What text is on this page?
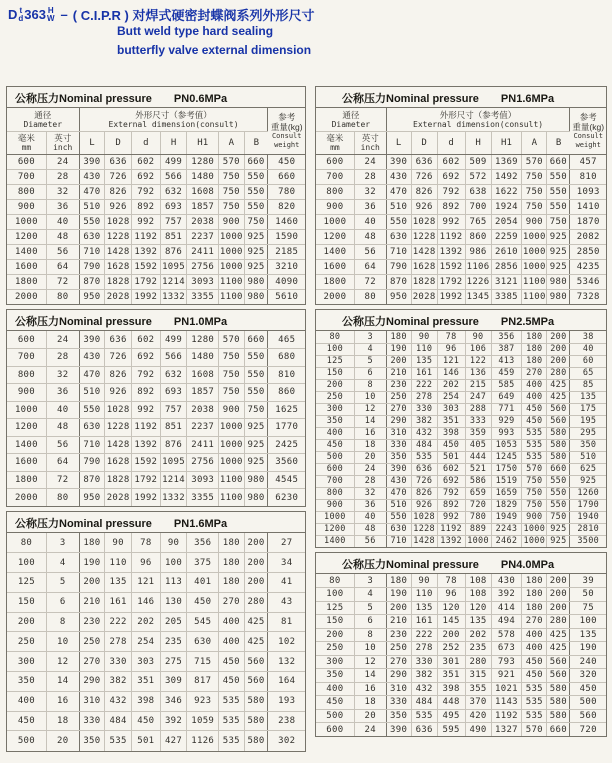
D t
d 363 H
W – ( C.I.P.R ) 对焊式硬密封蝶阀系列外形尺寸
Butt weld type hard sealing
butterfly valve external dimension
公称压力Nominal pressure PN0.6MPa
通径
Diameter		外形尺寸（参考值）
External dimension(consult)							参考
重量(kg)
Consult
weight

毫米
mm	英寸
inch	L	D	d	H	H1	A	B	
600	24	390	636	602	499	1280	570	660	450
700	28	430	726	692	566	1480	750	550	660
800	32	470	826	792	632	1608	750	550	780
900	36	510	926	892	693	1857	750	550	820
1000	40	550	1028	992	757	2038	900	750	1460
1200	48	630	1228	1192	851	2237	1000	925	1590
1400	56	710	1428	1392	876	2411	1000	925	2185
1600	64	790	1628	1592	1095	2756	1000	925	3210
1800	72	870	1828	1792	1214	3093	1100	980	4090
2000	80	950	2028	1992	1332	3355	1100	980	5610
公称压力Nominal pressure PN1.0MPa
600	24	390	636	602	499	1280	570	660	465
700	28	430	726	692	566	1480	750	550	680
800	32	470	826	792	632	1608	750	550	810
900	36	510	926	892	693	1857	750	550	860
1000	40	550	1028	992	757	2038	900	750	1625
1200	48	630	1228	1192	851	2237	1000	925	1770
1400	56	710	1428	1392	876	2411	1000	925	2425
1600	64	790	1628	1592	1095	2756	1000	925	3560
1800	72	870	1828	1792	1214	3093	1100	980	4545
2000	80	950	2028	1992	1332	3355	1100	980	6230
公称压力Nominal pressure PN1.6MPa
80	3	180	90	78	90	356	180	200	27
100	4	190	110	96	100	375	180	200	34
125	5	200	135	121	113	401	180	200	41
150	6	210	161	146	130	450	270	280	43
200	8	230	222	202	205	545	400	425	81
250	10	250	278	254	235	630	400	425	102
300	12	270	330	303	275	715	450	560	132
350	14	290	382	351	309	817	450	560	164
400	16	310	432	398	346	923	535	580	193
450	18	330	484	450	392	1059	535	580	238
500	20	350	535	501	427	1126	535	580	302
公称压力Nominal pressure PN1.6MPa
通径
Diameter		外形尺寸（参考值）
External dimension(consult)							参考
重量(kg)
Consult
weight

毫米
mm	英寸
inch	L	D	d	H	H1	A	B	
600	24	390	636	602	509	1369	570	660	457
700	28	430	726	692	572	1492	750	550	810
800	32	470	826	792	638	1622	750	550	1093
900	36	510	926	892	700	1924	750	550	1410
1000	40	550	1028	992	765	2054	900	750	1870
1200	48	630	1228	1192	860	2259	1000	925	2082
1400	56	710	1428	1392	986	2610	1000	925	2850
1600	64	790	1628	1592	1106	2856	1000	925	4235
1800	72	870	1828	1792	1226	3121	1100	980	5346
2000	80	950	2028	1992	1345	3385	1100	980	7328
公称压力Nominal pressure PN2.5MPa
80	3	180	90	78	90	356	180	200	38
100	4	190	110	96	106	387	180	200	40
125	5	200	135	121	122	413	180	200	60
150	6	210	161	146	136	459	270	280	65
200	8	230	222	202	215	585	400	425	85
250	10	250	278	254	247	649	400	425	135
300	12	270	330	303	288	771	450	560	175
350	14	290	382	351	333	929	450	560	195
400	16	310	432	398	359	993	535	580	295
450	18	330	484	450	405	1053	535	580	350
500	20	350	535	501	444	1245	535	580	510
600	24	390	636	602	521	1750	570	660	625
700	28	430	726	692	586	1519	750	550	925
800	32	470	826	792	659	1659	750	550	1260
900	36	510	926	892	720	1829	750	550	1790
1000	40	550	1028	992	780	1949	900	750	1940
1200	48	630	1228	1192	889	2243	1000	925	2810
1400	56	710	1428	1392	1000	2462	1000	925	3500
公称压力Nominal pressure PN4.0MPa
80	3	180	90	78	108	430	180	200	39
100	4	190	110	96	108	392	180	200	50
125	5	200	135	120	120	414	180	200	75
150	6	210	161	145	135	494	270	280	100
200	8	230	222	200	202	578	400	425	135
250	10	250	278	252	235	673	400	425	190
300	12	270	330	301	280	793	450	560	240
350	14	290	382	351	315	921	450	560	320
400	16	310	432	398	355	1021	535	580	450
450	18	330	484	448	370	1143	535	580	500
500	20	350	535	495	420	1192	535	580	560
600	24	390	636	595	490	1327	570	660	720
